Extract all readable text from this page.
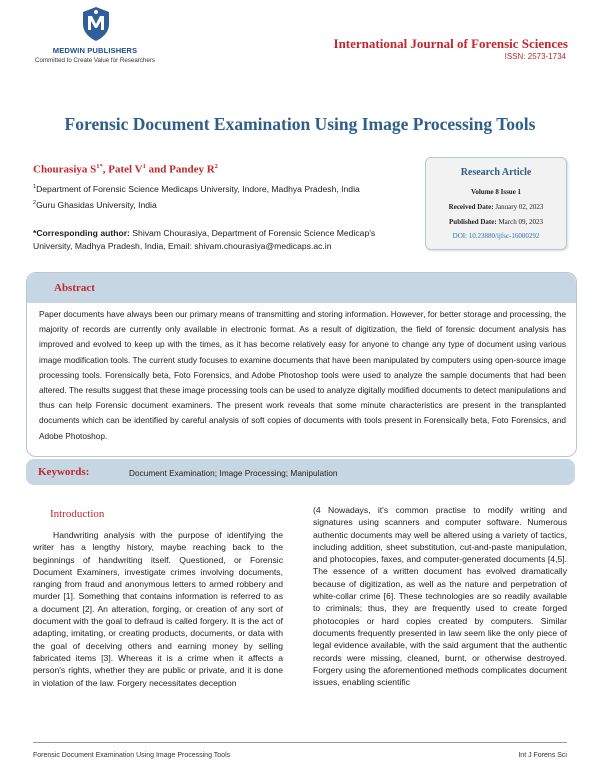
MEDWIN PUBLISHERS
Committed to Create Value for Researchers
International Journal of Forensic Sciences
ISSN: 2573-1734
Forensic Document Examination Using Image Processing Tools
Chourasiya $S^{1*}$, Patel $V^1$ and Pandey $R^2$
$^1$Department of Forensic Science Medicaps University, Indore, Madhya Pradesh, India
$^2$Guru Ghasidas University, India
*Corresponding author: Shivam Chourasiya, Department of Forensic Science Medicap's University, Madhya Pradesh, India, Email: shivam.chourasiya@medicaps.ac.in
Research Article
Volume 8 Issue 1
Received Date: January 02, 2023
Published Date: March 09, 2023
DOI: 10.23880/ijfsc-16000292
Abstract
Paper documents have always been our primary means of transmitting and storing information. However, for better storage and processing, the majority of records are currently only available in electronic format. As a result of digitization, the field of forensic document analysis has improved and evolved to keep up with the times, as it has become relatively easy for anyone to change any type of document using various image modification tools. The current study focuses to examine documents that have been manipulated by computers using open-source image processing tools. Forensically beta, Foto Forensics, and Adobe Photoshop tools were used to analyze the sample documents that had been altered. The results suggest that these image processing tools can be used to analyze digitally modified documents to detect manipulations and thus can help Forensic document examiners. The present work reveals that some minute characteristics are present in the transplanted documents which can be identified by careful analysis of soft copies of documents with tools present in Forensically beta, Foto Forensics, and Adobe Photoshop.
Keywords:	Document Examination; Image Processing; Manipulation
Introduction
Handwriting analysis with the purpose of identifying the writer has a lengthy history, maybe reaching back to the beginnings of handwriting itself. Questioned, or Forensic Document Examiners, investigate crimes involving documents, ranging from fraud and anonymous letters to armed robbery and murder [1]. Something that contains information is referred to as a document [2]. An alteration, forging, or creation of any sort of document with the goal to defraud is called forgery. It is the act of adapting, imitating, or creating products, documents, or data with the goal of deceiving others and earning money by selling fabricated items [3]. Whereas it is a crime when it affects a person's rights, whether they are public or private, and it is done in violation of the law. Forgery necessitates deception
(4 Nowadays, it's common practise to modify writing and signatures using scanners and computer software. Numerous authentic documents may well be altered using a variety of tactics, including addition, sheet substitution, cut-and-paste manipulation, and photocopies, faxes, and computer-generated documents [4,5]. The essence of a written document has evolved dramatically because of digitization, as well as the nature and perpetration of white-collar crime [6]. These technologies are so readily available to criminals; thus, they are frequently used to create forged photocopies or hard copies created by computers. Similar documents frequently presented in law seem like the only piece of legal evidence available, with the said argument that the authentic records were missing, cleaned, burnt, or otherwise destroyed. Forgery using the aforementioned methods complicates document issues, enabling scientific
Forensic Document Examination Using Image Processing Tools	Int J Forens Sci
